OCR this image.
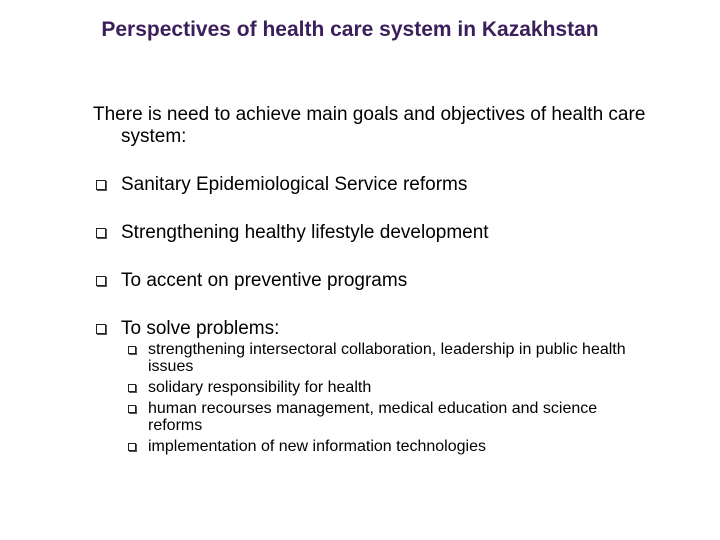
Perspectives of health care system in Kazakhstan
There is need to achieve main goals and objectives of health care system:
Sanitary Epidemiological Service reforms
Strengthening healthy lifestyle development
To accent on preventive programs
To solve problems:
strengthening intersectoral collaboration, leadership in public health issues
solidary responsibility for health
human recourses management, medical education and science reforms
implementation of new information technologies
